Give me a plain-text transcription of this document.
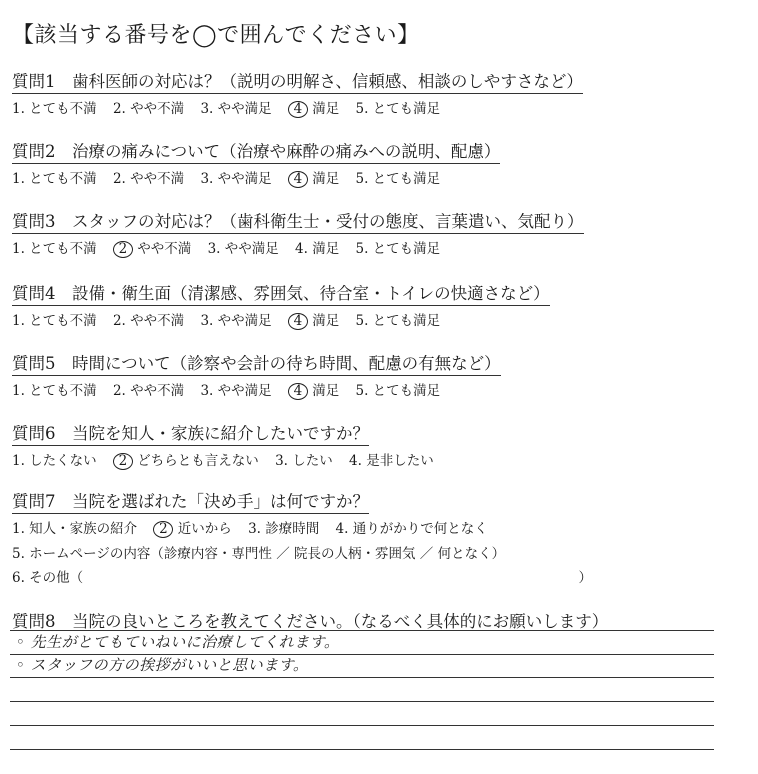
【該当する番号を◯で囲んでください】
質問1　歯科医師の対応は？（説明の明解さ、信頼感、相談のしやすさなど）
1. とても不満 2. やや不満 3. やや満足 4 満足 5. とても満足
質問2　治療の痛みについて（治療や麻酔の痛みへの説明、配慮）
1. とても不満 2. やや不満 3. やや満足 4 満足 5. とても満足
質問3　スタッフの対応は？（歯科衛生士・受付の態度、言葉遣い、気配り）
1. とても不満 2 やや不満 3. やや満足 4. 満足 5. とても満足
質問4　設備・衛生面（清潔感、雰囲気、待合室・トイレの快適さなど）
1. とても不満 2. やや不満 3. やや満足 4 満足 5. とても満足
質問5　時間について（診察や会計の待ち時間、配慮の有無など）
1. とても不満 2. やや不満 3. やや満足 4 満足 5. とても満足
質問6　当院を知人・家族に紹介したいですか？
1. したくない 2 どちらとも言えない 3. したい 4. 是非したい
質問7　当院を選ばれた「決め手」は何ですか？
1. 知人・家族の紹介 2 近いから 3. 診療時間 4. 通りがかりで何となく
5. ホームページの内容（診療内容・専門性 ／ 院長の人柄・雰囲気 ／ 何となく）
6. その他（	）
質問8　当院の良いところを教えてください。（なるべく具体的にお願いします）
◦ 先生がとてもていねいに治療してくれます。
◦ スタッフの方の挨拶がいいと思います。
